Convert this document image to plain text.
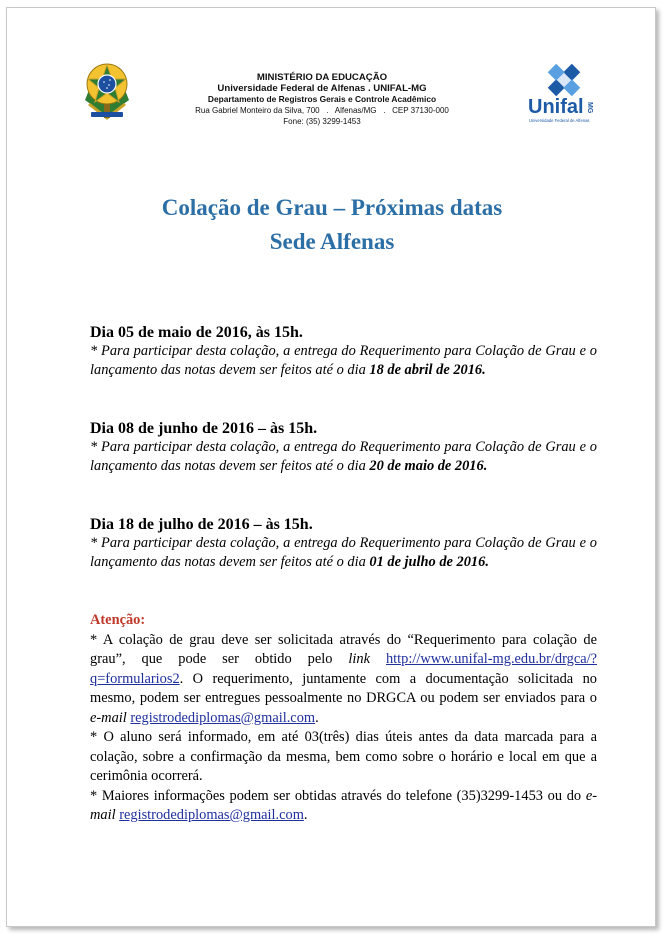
MINISTÉRIO DA EDUCAÇÃO
Universidade Federal de Alfenas . UNIFAL-MG
Departamento de Registros Gerais e Controle Acadêmico
Rua Gabriel Monteiro da Silva, 700   .   Alfenas/MG   .   CEP 37130-000
Fone: (35) 3299-1453
Unifal MG
Universidade Federal de Alfenas
Colação de Grau – Próximas datas
Sede Alfenas

Dia 05 de maio de 2016, às 15h.

* Para participar desta colação, a entrega do Requerimento para Colação de Grau e o lançamento das notas devem ser feitos até o dia 18 de abril de 2016.

Dia 08 de junho de 2016 – às 15h.

* Para participar desta colação, a entrega do Requerimento para Colação de Grau e o lançamento das notas devem ser feitos até o dia 20 de maio de 2016.

Dia 18 de julho de 2016 – às 15h.

* Para participar desta colação, a entrega do Requerimento para Colação de Grau e o lançamento das notas devem ser feitos até o dia 01 de julho de 2016.

Atenção:

* A colação de grau deve ser solicitada através do “Requerimento para colação de grau”, que pode ser obtido pelo link http://www.unifal-mg.edu.br/drgca/?q=formularios2. O requerimento, juntamente com a documentação solicitada no mesmo, podem ser entregues pessoalmente no DRGCA ou podem ser enviados para o e-mail registrodediplomas@gmail.com.

* O aluno será informado, em até 03(três) dias úteis antes da data marcada para a colação, sobre a confirmação da mesma, bem como sobre o horário e local em que a cerimônia ocorrerá.

* Maiores informações podem ser obtidas através do telefone (35)3299-1453 ou do e-mail registrodediplomas@gmail.com.
